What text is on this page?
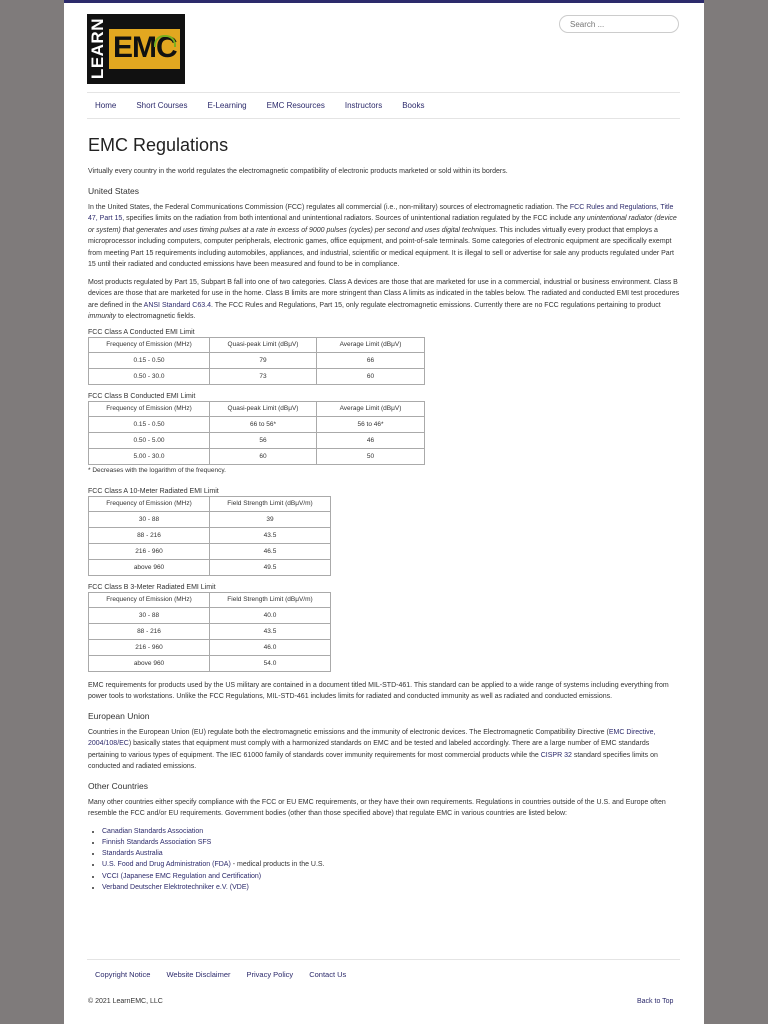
LEARN EMC
Search ...
Home	Short Courses	E-Learning	EMC Resources	Instructors	Books
EMC Regulations

Virtually every country in the world regulates the electromagnetic compatibility of electronic products marketed or sold within its borders.

United States

In the United States, the Federal Communications Commission (FCC) regulates all commercial (i.e., non-military) sources of electromagnetic radiation. The FCC Rules and Regulations, Title 47, Part 15, specifies limits on the radiation from both intentional and unintentional radiators. Sources of unintentional radiation regulated by the FCC include any unintentional radiator (device or system) that generates and uses timing pulses at a rate in excess of 9000 pulses (cycles) per second and uses digital techniques. This includes virtually every product that employs a microprocessor including computers, computer peripherals, electronic games, office equipment, and point-of-sale terminals. Some categories of electronic equipment are specifically exempt from meeting Part 15 requirements including automobiles, appliances, and industrial, scientific or medical equipment. It is illegal to sell or advertise for sale any products regulated under Part 15 until their radiated and conducted emissions have been measured and found to be in compliance.

Most products regulated by Part 15, Subpart B fall into one of two categories. Class A devices are those that are marketed for use in a commercial, industrial or business environment. Class B devices are those that are marketed for use in the home. Class B limits are more stringent than Class A limits as indicated in the tables below. The radiated and conducted EMI test procedures are defined in the ANSI Standard C63.4. The FCC Rules and Regulations, Part 15, only regulate electromagnetic emissions. Currently there are no FCC regulations pertaining to product immunity to electromagnetic fields.

FCC Class A Conducted EMI Limit
Frequency of Emission (MHz)	Quasi-peak Limit (dBμV)	Average Limit (dBμV)
0.15 - 0.50	79	66
0.50 - 30.0	73	60
FCC Class B Conducted EMI Limit
Frequency of Emission (MHz)	Quasi-peak Limit (dBμV)	Average Limit (dBμV)
0.15 - 0.50	66 to 56*	56 to 46*
0.50 - 5.00	56	46
5.00 - 30.0	60	50
* Decreases with the logarithm of the frequency.
FCC Class A 10-Meter Radiated EMI Limit
Frequency of Emission (MHz)	Field Strength Limit (dBμV/m)
30 - 88	39
88 - 216	43.5
216 - 960	46.5
above 960	49.5
FCC Class B 3-Meter Radiated EMI Limit
Frequency of Emission (MHz)	Field Strength Limit (dBμV/m)
30 - 88	40.0
88 - 216	43.5
216 - 960	46.0
above 960	54.0

EMC requirements for products used by the US military are contained in a document titled MIL-STD-461. This standard can be applied to a wide range of systems including everything from power tools to workstations. Unlike the FCC Regulations, MIL-STD-461 includes limits for radiated and conducted immunity as well as radiated and conducted emissions.

European Union

Countries in the European Union (EU) regulate both the electromagnetic emissions and the immunity of electronic devices. The Electromagnetic Compatibility Directive (EMC Directive, 2004/108/EC) basically states that equipment must comply with a harmonized standards on EMC and be tested and labeled accordingly. There are a large number of EMC standards pertaining to various types of equipment. The IEC 61000 family of standards cover immunity requirements for most commercial products while the CISPR 32 standard specifies limits on conducted and radiated emissions.

Other Countries

Many other countries either specify compliance with the FCC or EU EMC requirements, or they have their own requirements. Regulations in countries outside of the U.S. and Europe often resemble the FCC and/or EU requirements. Government bodies (other than those specified above) that regulate EMC in various countries are listed below:

• Canadian Standards Association
• Finnish Standards Association SFS
• Standards Australia
• U.S. Food and Drug Administration (FDA) - medical products in the U.S.
• VCCI (Japanese EMC Regulation and Certification)
• Verband Deutscher Elektrotechniker e.V. (VDE)
Copyright Notice Website Disclaimer Privacy Policy Contact Us
© 2021 LearnEMC, LLC	Back to Top
